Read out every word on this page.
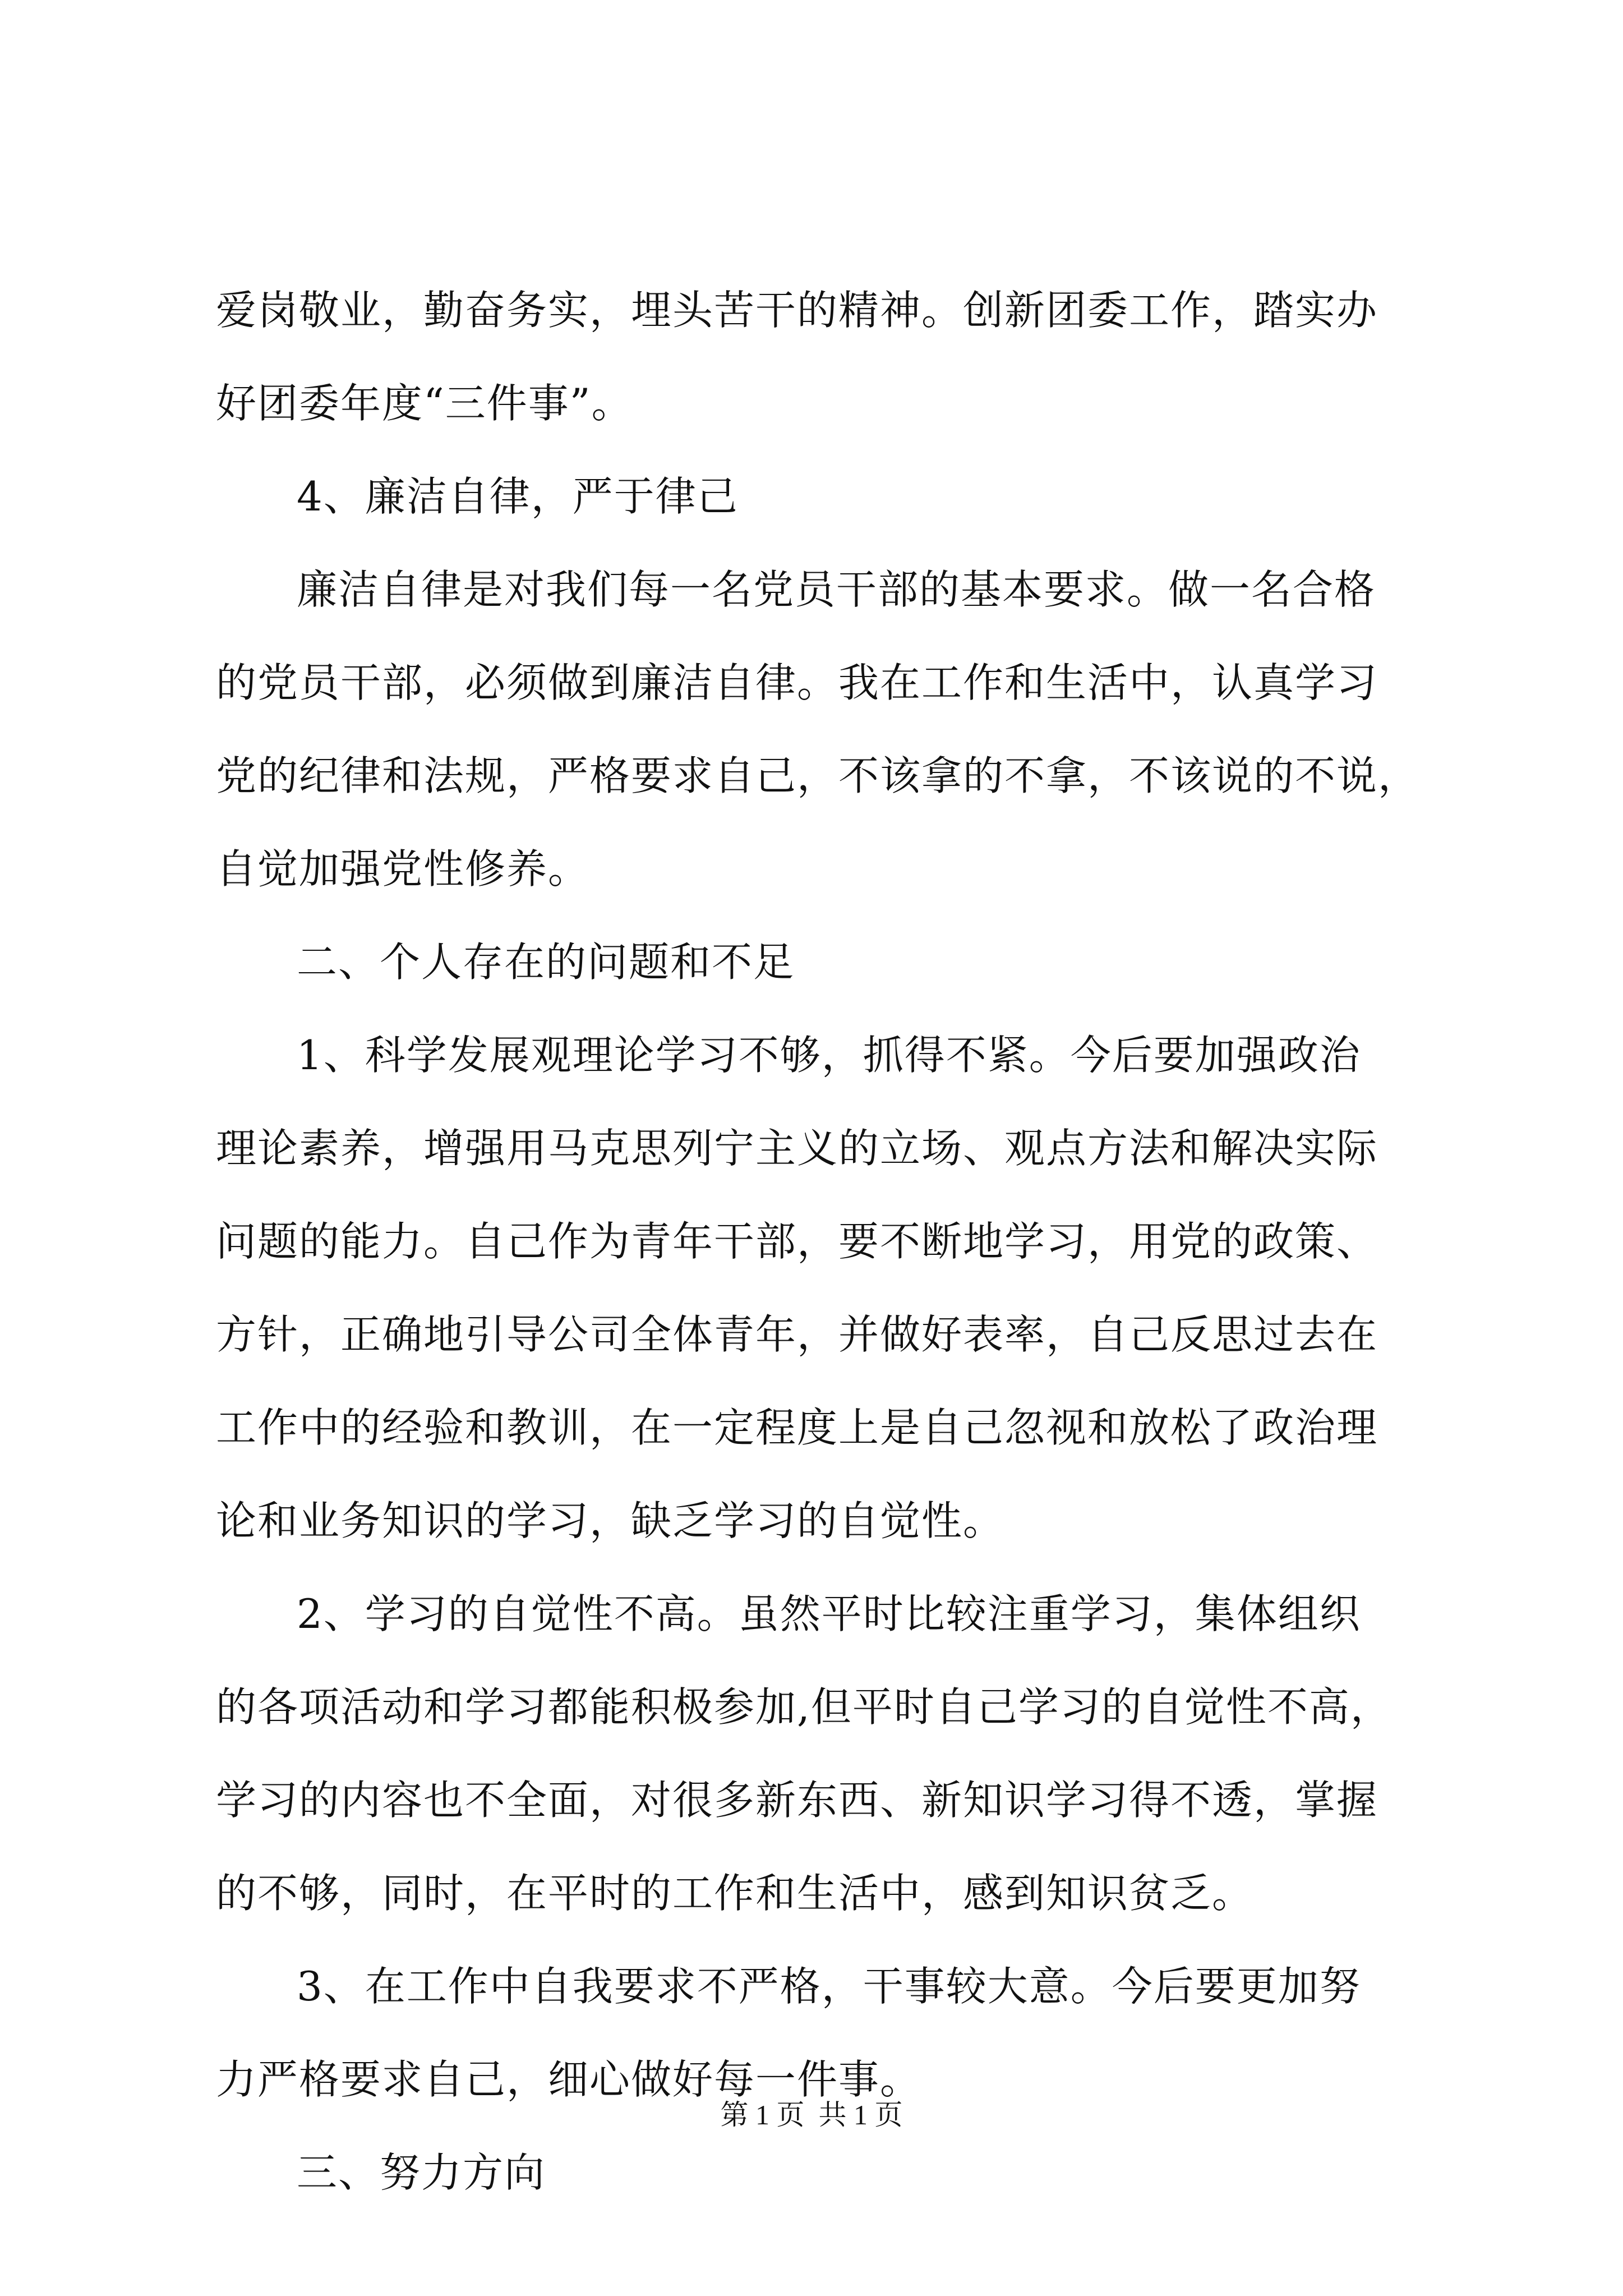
爱岗敬业，勤奋务实，埋头苦干的精神。创新团委工作，踏实办
好团委年度“三件事”。
4、廉洁自律，严于律己
廉洁自律是对我们每一名党员干部的基本要求。做一名合格
的党员干部，必须做到廉洁自律。我在工作和生活中，认真学习
党的纪律和法规，严格要求自己，不该拿的不拿，不该说的不说，
自觉加强党性修养。
二、个人存在的问题和不足
1、科学发展观理论学习不够，抓得不紧。今后要加强政治
理论素养，增强用马克思列宁主义的立场、观点方法和解决实际
问题的能力。自己作为青年干部，要不断地学习，用党的政策、
方针，正确地引导公司全体青年，并做好表率，自己反思过去在
工作中的经验和教训，在一定程度上是自己忽视和放松了政治理
论和业务知识的学习，缺乏学习的自觉性。
2、学习的自觉性不高。虽然平时比较注重学习，集体组织
的各项活动和学习都能积极参加,但平时自己学习的自觉性不高，
学习的内容也不全面，对很多新东西、新知识学习得不透，掌握
的不够，同时，在平时的工作和生活中，感到知识贫乏。
3、在工作中自我要求不严格，干事较大意。今后要更加努
力严格要求自己，细心做好每一件事。
三、努力方向
第 1 页  共 1 页
